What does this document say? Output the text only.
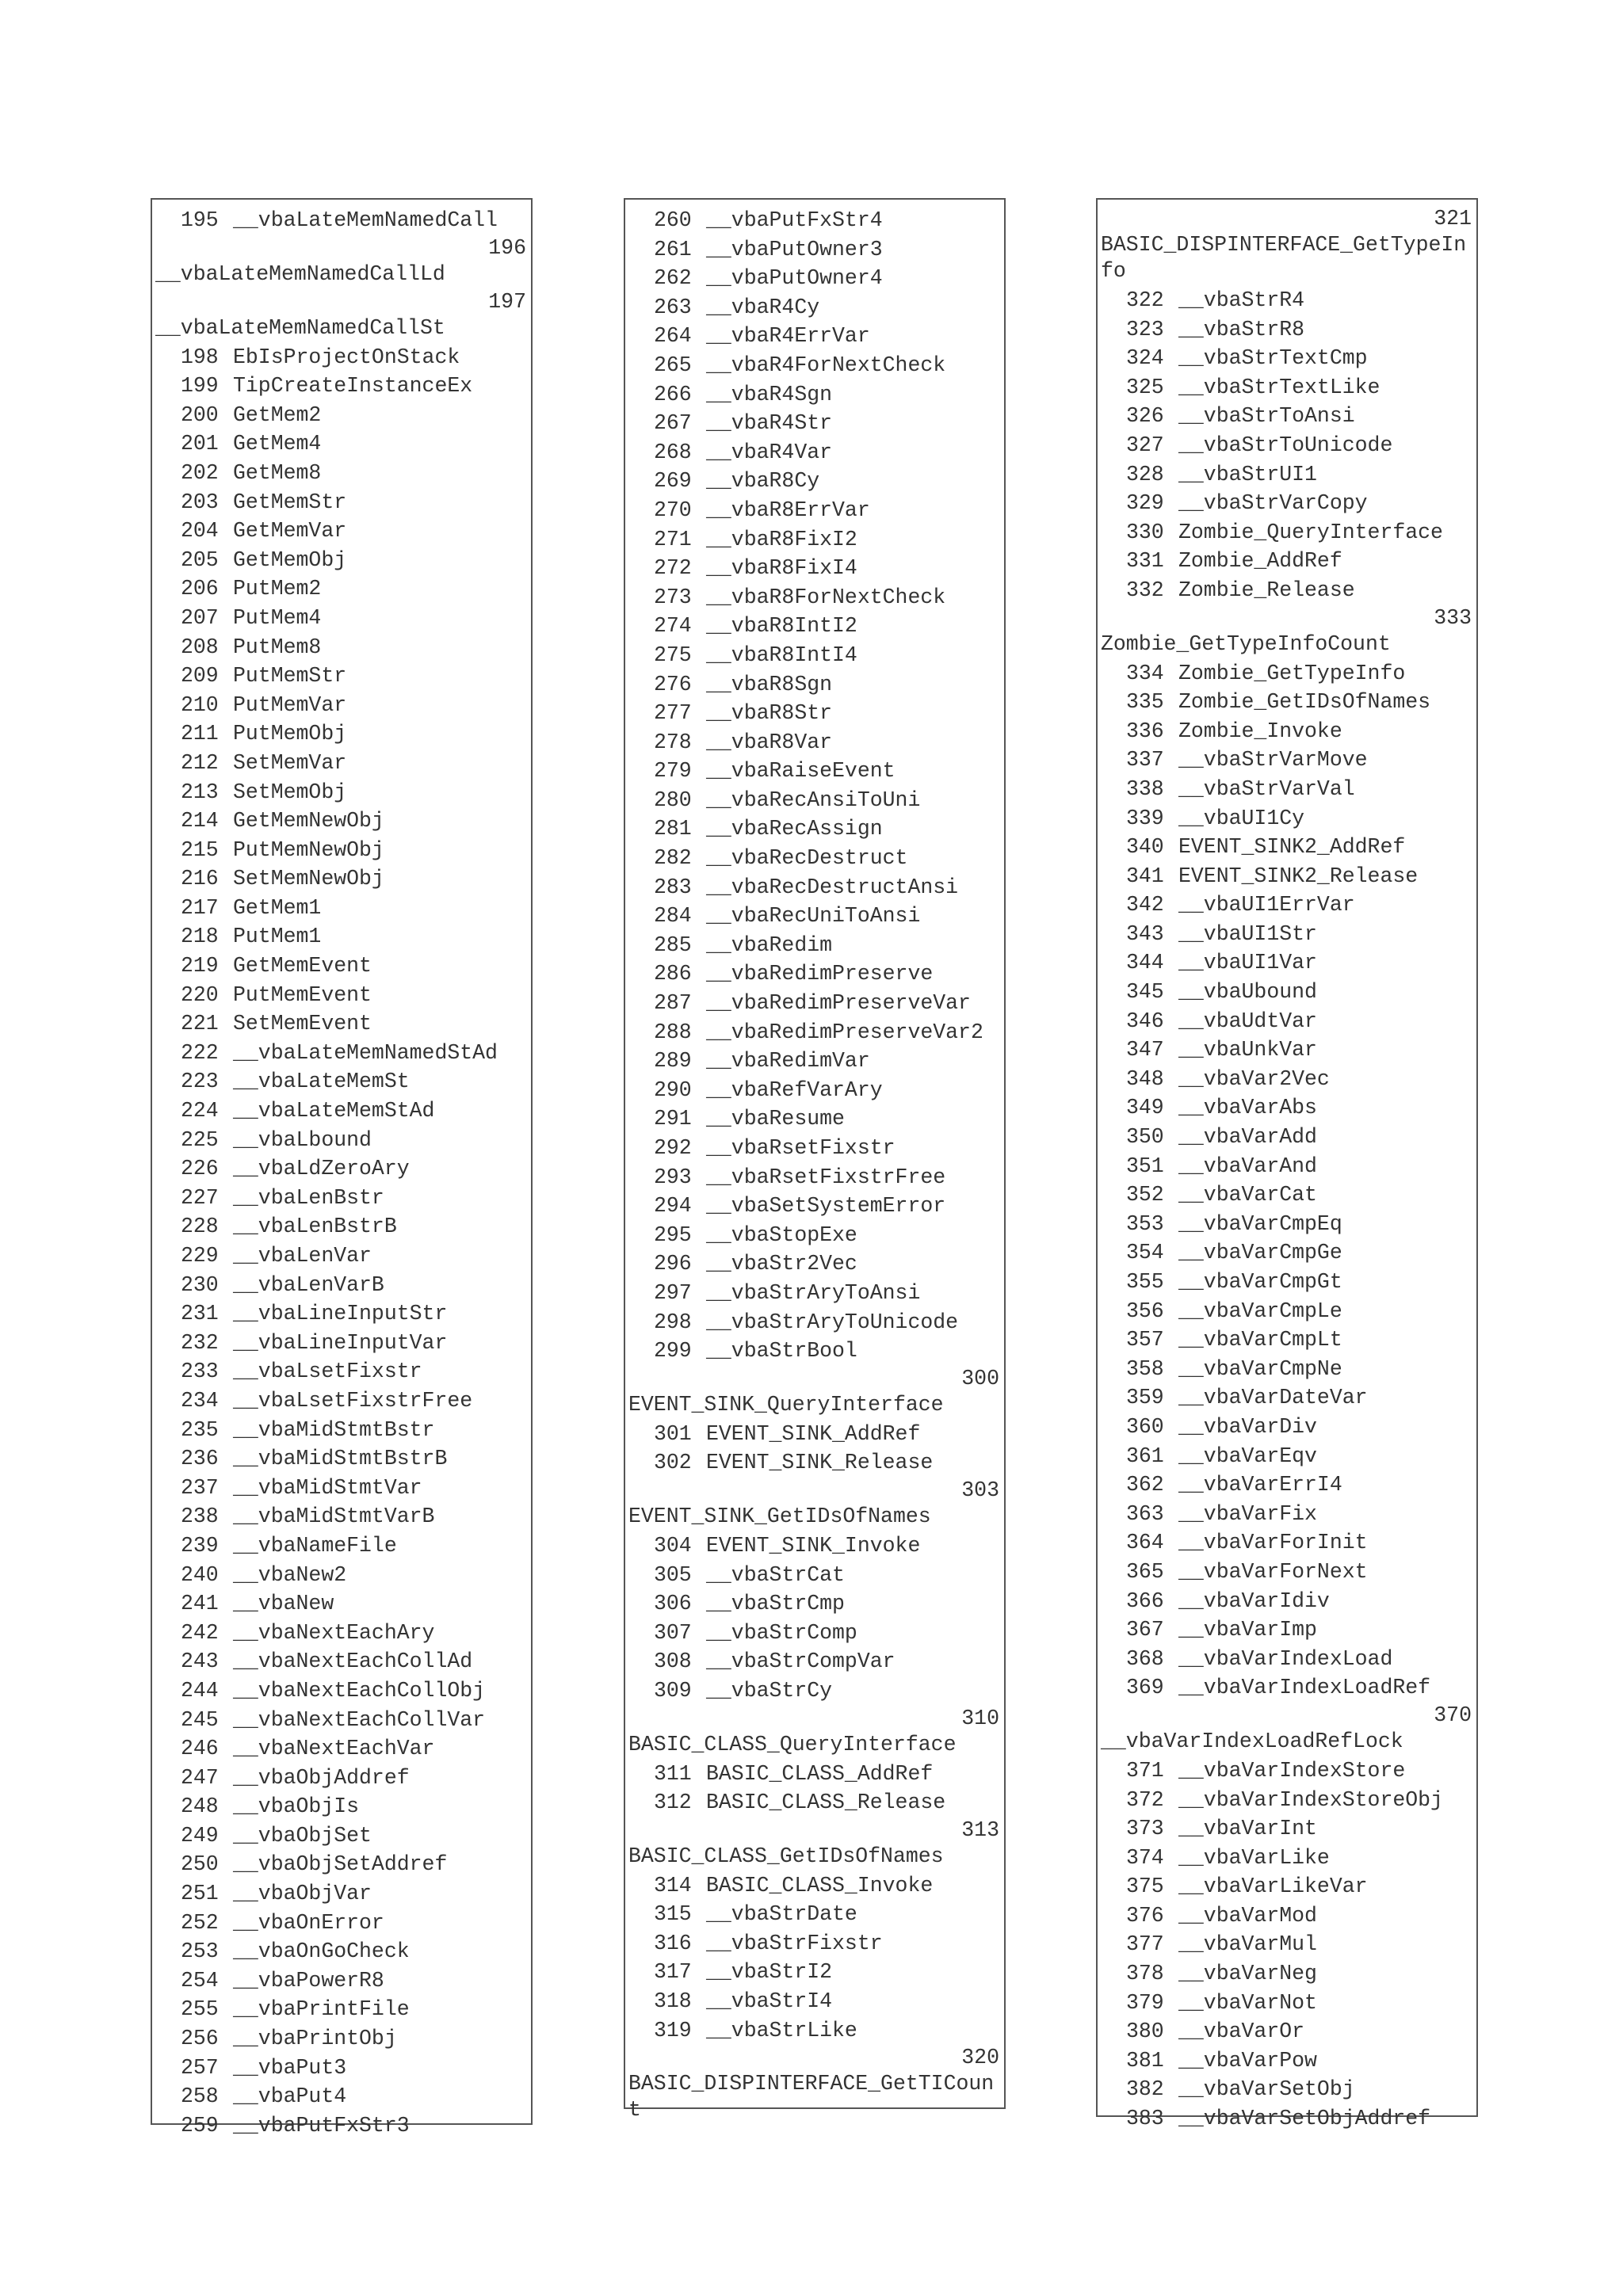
195 __vbaLateMemNamedCall
196
__vbaLateMemNamedCallLd
197
__vbaLateMemNamedCallSt
198 EbIsProjectOnStack
199 TipCreateInstanceEx
200 GetMem2
201 GetMem4
202 GetMem8
203 GetMemStr
204 GetMemVar
205 GetMemObj
206 PutMem2
207 PutMem4
208 PutMem8
209 PutMemStr
210 PutMemVar
211 PutMemObj
212 SetMemVar
213 SetMemObj
214 GetMemNewObj
215 PutMemNewObj
216 SetMemNewObj
217 GetMem1
218 PutMem1
219 GetMemEvent
220 PutMemEvent
221 SetMemEvent
222 __vbaLateMemNamedStAd
223 __vbaLateMemSt
224 __vbaLateMemStAd
225 __vbaLbound
226 __vbaLdZeroAry
227 __vbaLenBstr
228 __vbaLenBstrB
229 __vbaLenVar
230 __vbaLenVarB
231 __vbaLineInputStr
232 __vbaLineInputVar
233 __vbaLsetFixstr
234 __vbaLsetFixstrFree
235 __vbaMidStmtBstr
236 __vbaMidStmtBstrB
237 __vbaMidStmtVar
238 __vbaMidStmtVarB
239 __vbaNameFile
240 __vbaNew2
241 __vbaNew
242 __vbaNextEachAry
243 __vbaNextEachCollAd
244 __vbaNextEachCollObj
245 __vbaNextEachCollVar
246 __vbaNextEachVar
247 __vbaObjAddref
248 __vbaObjIs
249 __vbaObjSet
250 __vbaObjSetAddref
251 __vbaObjVar
252 __vbaOnError
253 __vbaOnGoCheck
254 __vbaPowerR8
255 __vbaPrintFile
256 __vbaPrintObj
257 __vbaPut3
258 __vbaPut4
259 __vbaPutFxStr3
260 __vbaPutFxStr4
261 __vbaPutOwner3
262 __vbaPutOwner4
263 __vbaR4Cy
264 __vbaR4ErrVar
265 __vbaR4ForNextCheck
266 __vbaR4Sgn
267 __vbaR4Str
268 __vbaR4Var
269 __vbaR8Cy
270 __vbaR8ErrVar
271 __vbaR8FixI2
272 __vbaR8FixI4
273 __vbaR8ForNextCheck
274 __vbaR8IntI2
275 __vbaR8IntI4
276 __vbaR8Sgn
277 __vbaR8Str
278 __vbaR8Var
279 __vbaRaiseEvent
280 __vbaRecAnsiToUni
281 __vbaRecAssign
282 __vbaRecDestruct
283 __vbaRecDestructAnsi
284 __vbaRecUniToAnsi
285 __vbaRedim
286 __vbaRedimPreserve
287 __vbaRedimPreserveVar
288 __vbaRedimPreserveVar2
289 __vbaRedimVar
290 __vbaRefVarAry
291 __vbaResume
292 __vbaRsetFixstr
293 __vbaRsetFixstrFree
294 __vbaSetSystemError
295 __vbaStopExe
296 __vbaStr2Vec
297 __vbaStrAryToAnsi
298 __vbaStrAryToUnicode
299 __vbaStrBool
300
EVENT_SINK_QueryInterface
301 EVENT_SINK_AddRef
302 EVENT_SINK_Release
303
EVENT_SINK_GetIDsOfNames
304 EVENT_SINK_Invoke
305 __vbaStrCat
306 __vbaStrCmp
307 __vbaStrComp
308 __vbaStrCompVar
309 __vbaStrCy
310
BASIC_CLASS_QueryInterface
311 BASIC_CLASS_AddRef
312 BASIC_CLASS_Release
313
BASIC_CLASS_GetIDsOfNames
314 BASIC_CLASS_Invoke
315 __vbaStrDate
316 __vbaStrFixstr
317 __vbaStrI2
318 __vbaStrI4
319 __vbaStrLike
320
BASIC_DISPINTERFACE_GetTICount
321
BASIC_DISPINTERFACE_GetTypeInfo
322 __vbaStrR4
323 __vbaStrR8
324 __vbaStrTextCmp
325 __vbaStrTextLike
326 __vbaStrToAnsi
327 __vbaStrToUnicode
328 __vbaStrUI1
329 __vbaStrVarCopy
330 Zombie_QueryInterface
331 Zombie_AddRef
332 Zombie_Release
333
Zombie_GetTypeInfoCount
334 Zombie_GetTypeInfo
335 Zombie_GetIDsOfNames
336 Zombie_Invoke
337 __vbaStrVarMove
338 __vbaStrVarVal
339 __vbaUI1Cy
340 EVENT_SINK2_AddRef
341 EVENT_SINK2_Release
342 __vbaUI1ErrVar
343 __vbaUI1Str
344 __vbaUI1Var
345 __vbaUbound
346 __vbaUdtVar
347 __vbaUnkVar
348 __vbaVar2Vec
349 __vbaVarAbs
350 __vbaVarAdd
351 __vbaVarAnd
352 __vbaVarCat
353 __vbaVarCmpEq
354 __vbaVarCmpGe
355 __vbaVarCmpGt
356 __vbaVarCmpLe
357 __vbaVarCmpLt
358 __vbaVarCmpNe
359 __vbaVarDateVar
360 __vbaVarDiv
361 __vbaVarEqv
362 __vbaVarErrI4
363 __vbaVarFix
364 __vbaVarForInit
365 __vbaVarForNext
366 __vbaVarIdiv
367 __vbaVarImp
368 __vbaVarIndexLoad
369 __vbaVarIndexLoadRef
370
__vbaVarIndexLoadRefLock
371 __vbaVarIndexStore
372 __vbaVarIndexStoreObj
373 __vbaVarInt
374 __vbaVarLike
375 __vbaVarLikeVar
376 __vbaVarMod
377 __vbaVarMul
378 __vbaVarNeg
379 __vbaVarNot
380 __vbaVarOr
381 __vbaVarPow
382 __vbaVarSetObj
383 __vbaVarSetObjAddref
